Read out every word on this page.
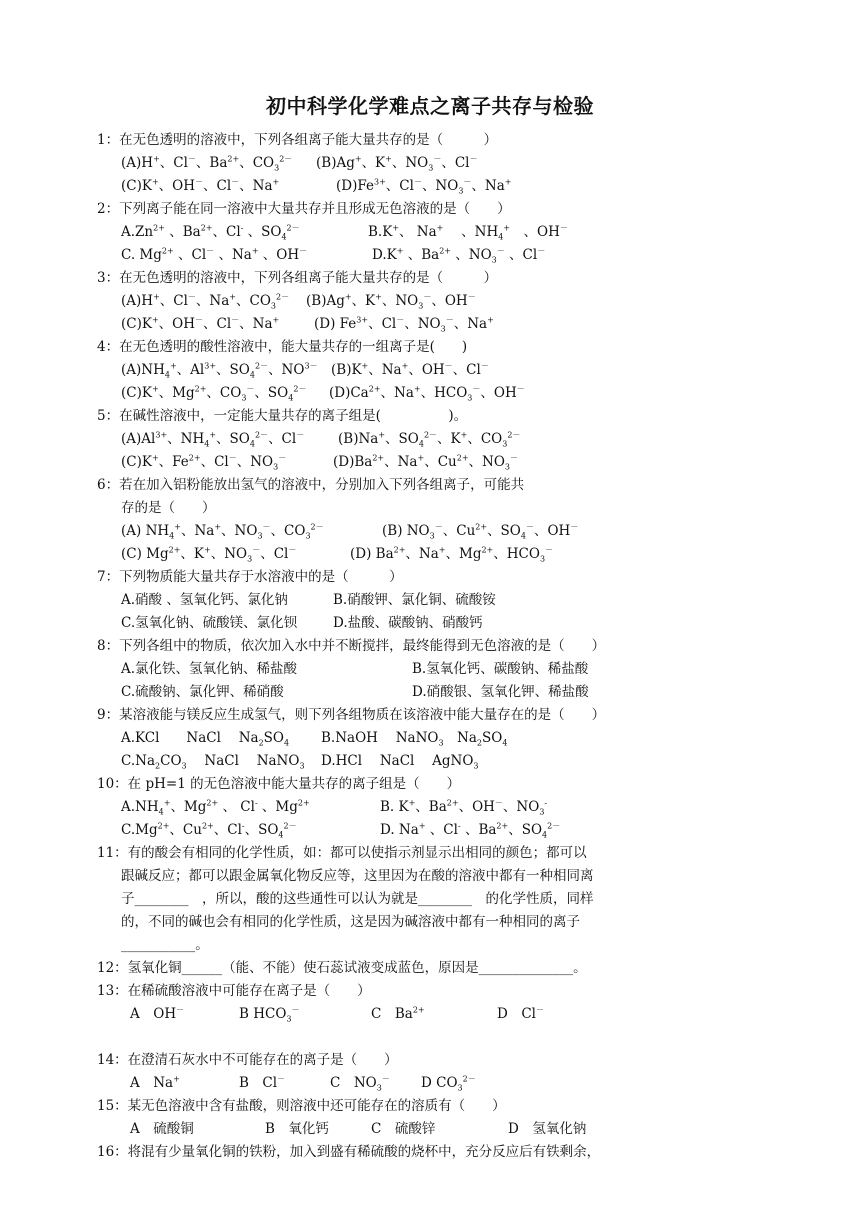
初中科学化学难点之离子共存与检验
1：在无色透明的溶液中，下列各组离子能大量共存的是（　　　）
(A)H+、Cl－、$Ba^{2+}$、$CO_3^{2-}$ (B)Ag+、K+、$NO_3^-$、Cl－
(C)K+、OH－、Cl－、Na+	$(D)Fe^{3+}$、Cl－、$NO_3^-$、Na+
2：下列离子能在同一溶液中大量共存并且形成无色溶液的是（　　）
$A.Zn^{2+}$ 、$Ba^{2+}$、Cl- 、$SO_4^{2-}$	B.K+、 Na+　 、$NH_4^+$　、OH－
C. $Mg^{2+}$ 、Cl－ 、Na+ 、OH－	D.K+ 、$Ba^{2+}$ 、$NO_3^-$ 、Cl－
3：在无色透明的溶液中，下列各组离子能大量共存的是（　　　）
(A)H+、Cl－、Na+、$CO_3^{2-}$ (B)Ag+、K+、$NO_3^-$、OH－
(C)K+、OH－、Cl－、Na+	(D) $Fe^{3+}$、Cl－、$NO_3^-$、Na+
4：在无色透明的酸性溶液中，能大量共存的一组离子是(　　)
$(A)NH_4^+$、$Al^{3+}$、$SO_4^{2-}$、$NO^{3-}$ (B)K+、Na+、OH－、Cl－
(C)K+、$Mg^{2+}$、$CO_3^-$、$SO_4^{2-}$ $(D)Ca^{2+}$、Na+、$HCO_3^-$、OH－
5：在碱性溶液中，一定能大量共存的离子组是(　　　　　)。
$(A)Al^{3+}$、$NH_4^+$、$SO_4^{2-}$、Cl－	(B)Na+、$SO_4^{2-}$、K+、$CO_3^{2-}$
(C)K+、$Fe^{2+}$、Cl－、$NO_3^-$	$(D)Ba^{2+}$、Na+、$Cu^{2+}$、$NO_3^-$
6：若在加入铝粉能放出氢气的溶液中，分别加入下列各组离子，可能共
存的是（　　）
(A) $NH_4^+$、Na+、$NO_3^-$、$CO_3^{2-}$	(B) $NO_3^-$、$Cu^{2+}$、$SO_4^-$、OH－
(C) $Mg^{2+}$、K+、$NO_3^-$、Cl－	(D) $Ba^{2+}$、Na+、$Mg^{2+}$、$HCO_3^-$
7：下列物质能大量共存于水溶液中的是（　　　）
A.硝酸 、氢氧化钙、氯化钠	B.硝酸钾、氯化铜、硫酸铵
C.氢氧化钠、硫酸镁、氯化钡	D.盐酸、碳酸钠、硝酸钙
8：下列各组中的物质，依次加入水中并不断搅拌，最终能得到无色溶液的是（　　）
A.氯化铁、氢氧化钠、稀盐酸	B.氢氧化钙、碳酸钠、稀盐酸
C.硫酸钠、氯化钾、稀硝酸	D.硝酸银、氢氧化钾、稀盐酸
9：某溶液能与镁反应生成氢气，则下列各组物质在该溶液中能大量存在的是（　　）
A.KCl　　NaCl　 $Na_2SO_4$ B.NaOH　 NaNO$_3$　$Na_2SO_4$
$C.Na_2CO_3$　 NaCl　 NaNO$_3$ D.HCl　 NaCl　 AgNO$_3$
10：在 pH=1 的无色溶液中能大量共存的离子组是（　　）
$A.NH_4^+$、$Mg^{2+}$ 、 Cl- 、$Mg^{2+}$	B. K+、$Ba^{2+}$、OH－、$NO_3^-$
$C.Mg^{2+}$、$Cu^{2+}$、Cl-、$SO_4^{2-}$	D. Na+ 、Cl- 、$Ba^{2+}$、$SO_4^{2-}$
11：有的酸会有相同的化学性质，如：都可以使指示剂显示出相同的颜色；都可以
跟碱反应；都可以跟金属氧化物反应等，这里因为在酸的溶液中都有一种相同离
子________　，所以，酸的这些通性可以认为就是________　的化学性质，同样
的，不同的碱也会有相同的化学性质，这是因为碱溶液中都有一种相同的离子
___________。
12：氢氧化铜______（能、不能）使石蕊试液变成蓝色，原因是______________。
13：在稀硫酸溶液中可能存在离子是（　　）
A　OH－	B $HCO_3^-$	C　$Ba^{2+}$	D　Cl－
14：在澄清石灰水中不可能存在的离子是（　　）
A　Na+	B　Cl－	C　$NO_3^-$ D $CO_3^{2-}$
15：某无色溶液中含有盐酸，则溶液中还可能存在的溶质有（　　）
A　硫酸铜	B　氧化钙	C　硫酸锌	D　氢氧化钠
16：将混有少量氧化铜的铁粉，加入到盛有稀硫酸的烧杯中，充分反应后有铁剩余，
